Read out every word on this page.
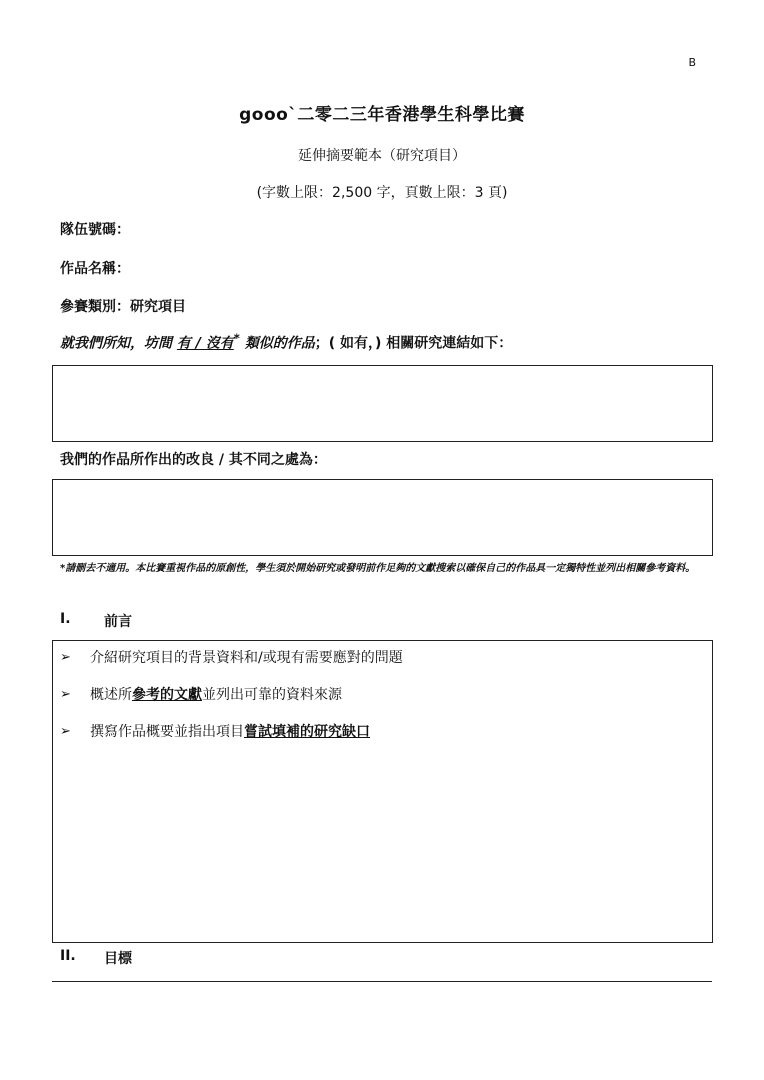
B
gooo`二零二三年香港學生科學比賽
延伸摘要範本（研究項目）
(字數上限：2,500 字，頁數上限：3 頁)
隊伍號碼：
作品名稱：
參賽類別：研究項目
就我們所知，坊間 有 / 沒有* 類似的作品；( 如有，) 相關研究連結如下：
我們的作品所作出的改良 / 其不同之處為：
*請刪去不適用。本比賽重視作品的原創性，學生須於開始研究或發明前作足夠的文獻搜索以確保自己的作品具一定獨特性並列出相關參考資料。
I. 前言
➢	介紹研究項目的背景資料和/或現有需要應對的問題
➢	概述所 參考的文獻 並列出可靠的資料來源
➢	撰寫作品概要並指出項目 嘗試填補的研究缺口
II. 目標
